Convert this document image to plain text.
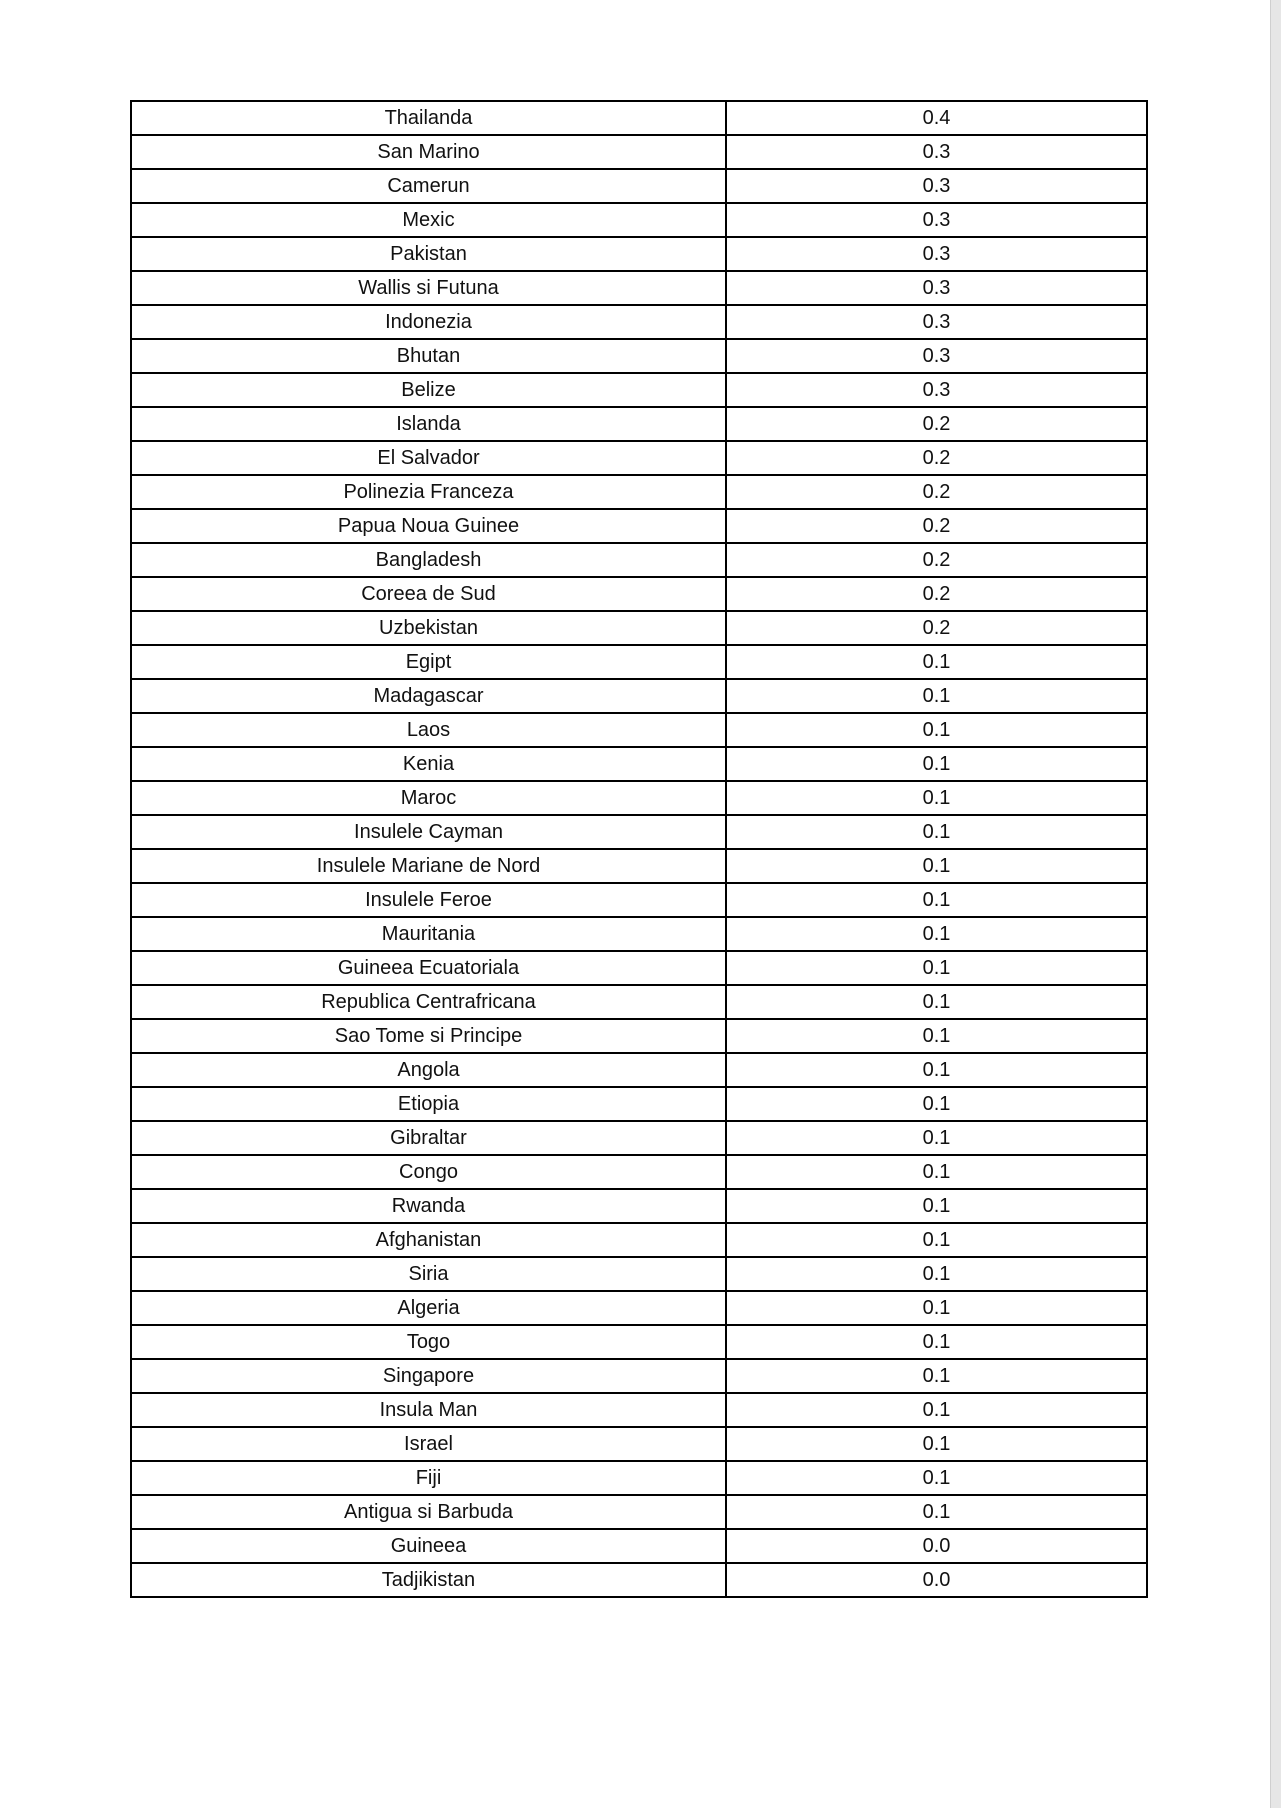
Thailanda	0.4
San Marino	0.3
Camerun	0.3
Mexic	0.3
Pakistan	0.3
Wallis si Futuna	0.3
Indonezia	0.3
Bhutan	0.3
Belize	0.3
Islanda	0.2
El Salvador	0.2
Polinezia Franceza	0.2
Papua Noua Guinee	0.2
Bangladesh	0.2
Coreea de Sud	0.2
Uzbekistan	0.2
Egipt	0.1
Madagascar	0.1
Laos	0.1
Kenia	0.1
Maroc	0.1
Insulele Cayman	0.1
Insulele Mariane de Nord	0.1
Insulele Feroe	0.1
Mauritania	0.1
Guineea Ecuatoriala	0.1
Republica Centrafricana	0.1
Sao Tome si Principe	0.1
Angola	0.1
Etiopia	0.1
Gibraltar	0.1
Congo	0.1
Rwanda	0.1
Afghanistan	0.1
Siria	0.1
Algeria	0.1
Togo	0.1
Singapore	0.1
Insula Man	0.1
Israel	0.1
Fiji	0.1
Antigua si Barbuda	0.1
Guineea	0.0
Tadjikistan	0.0
